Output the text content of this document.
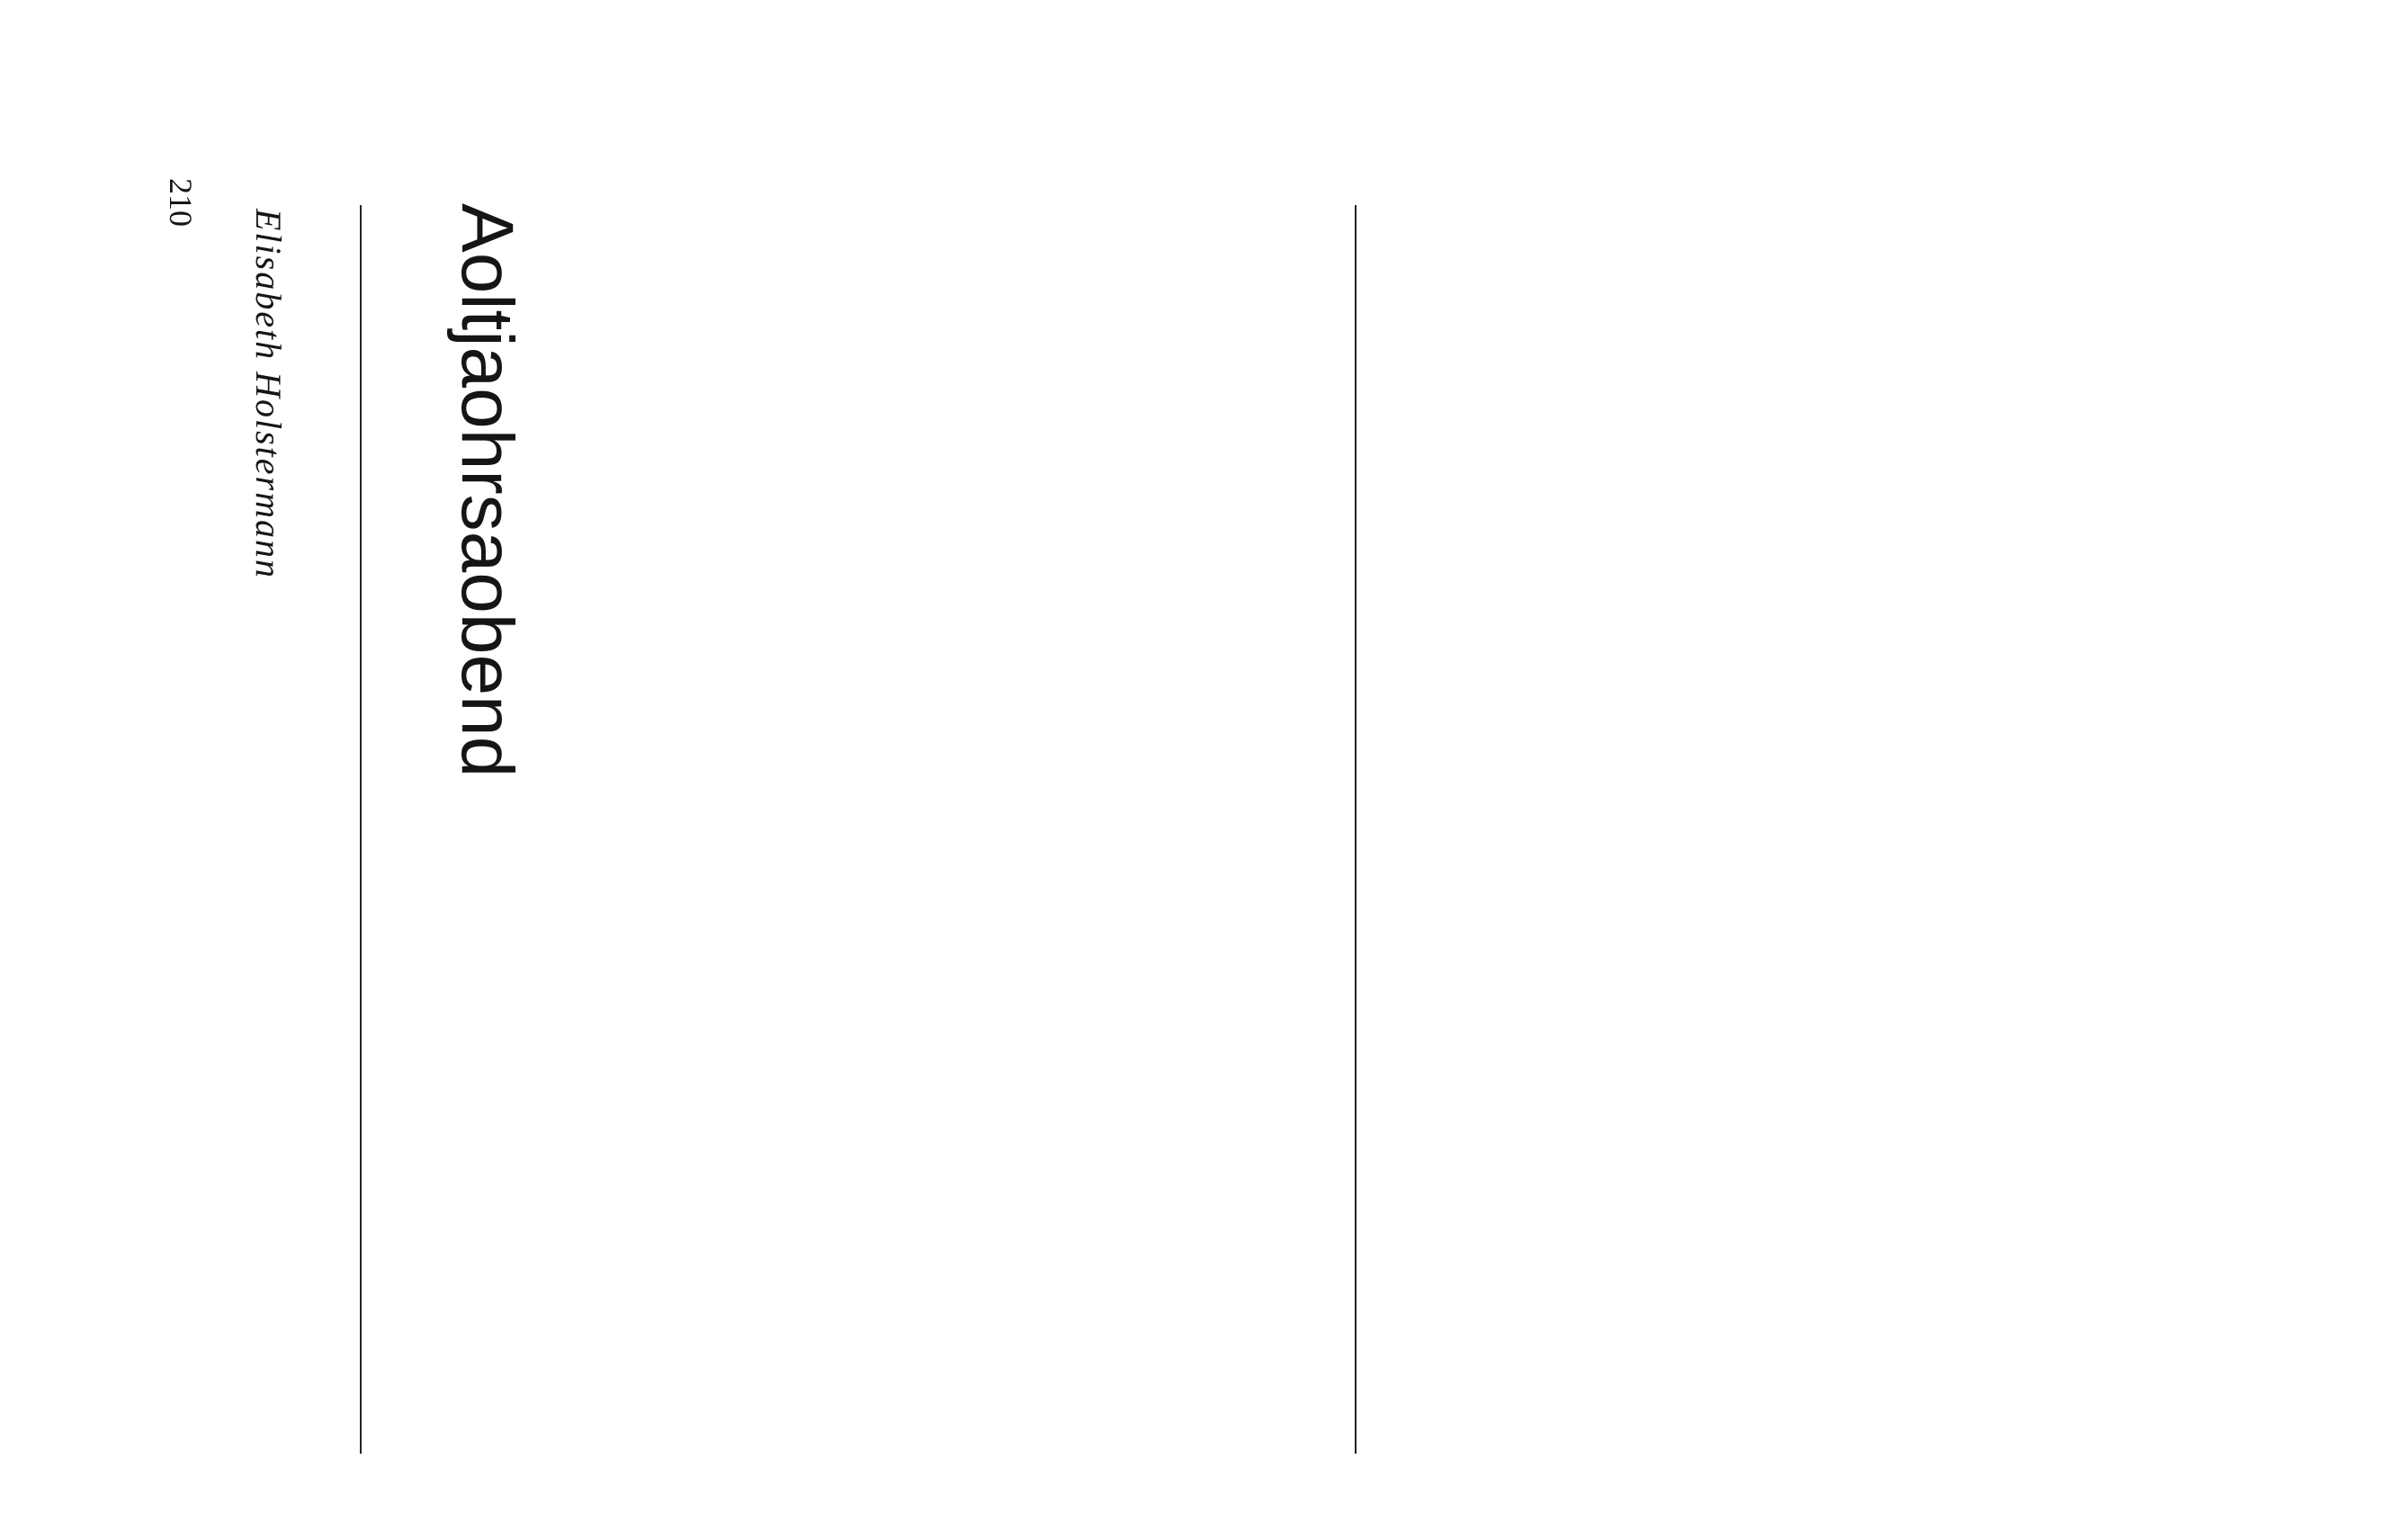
Elisabeth Holstermann Aoltjaohrsaobend
210
